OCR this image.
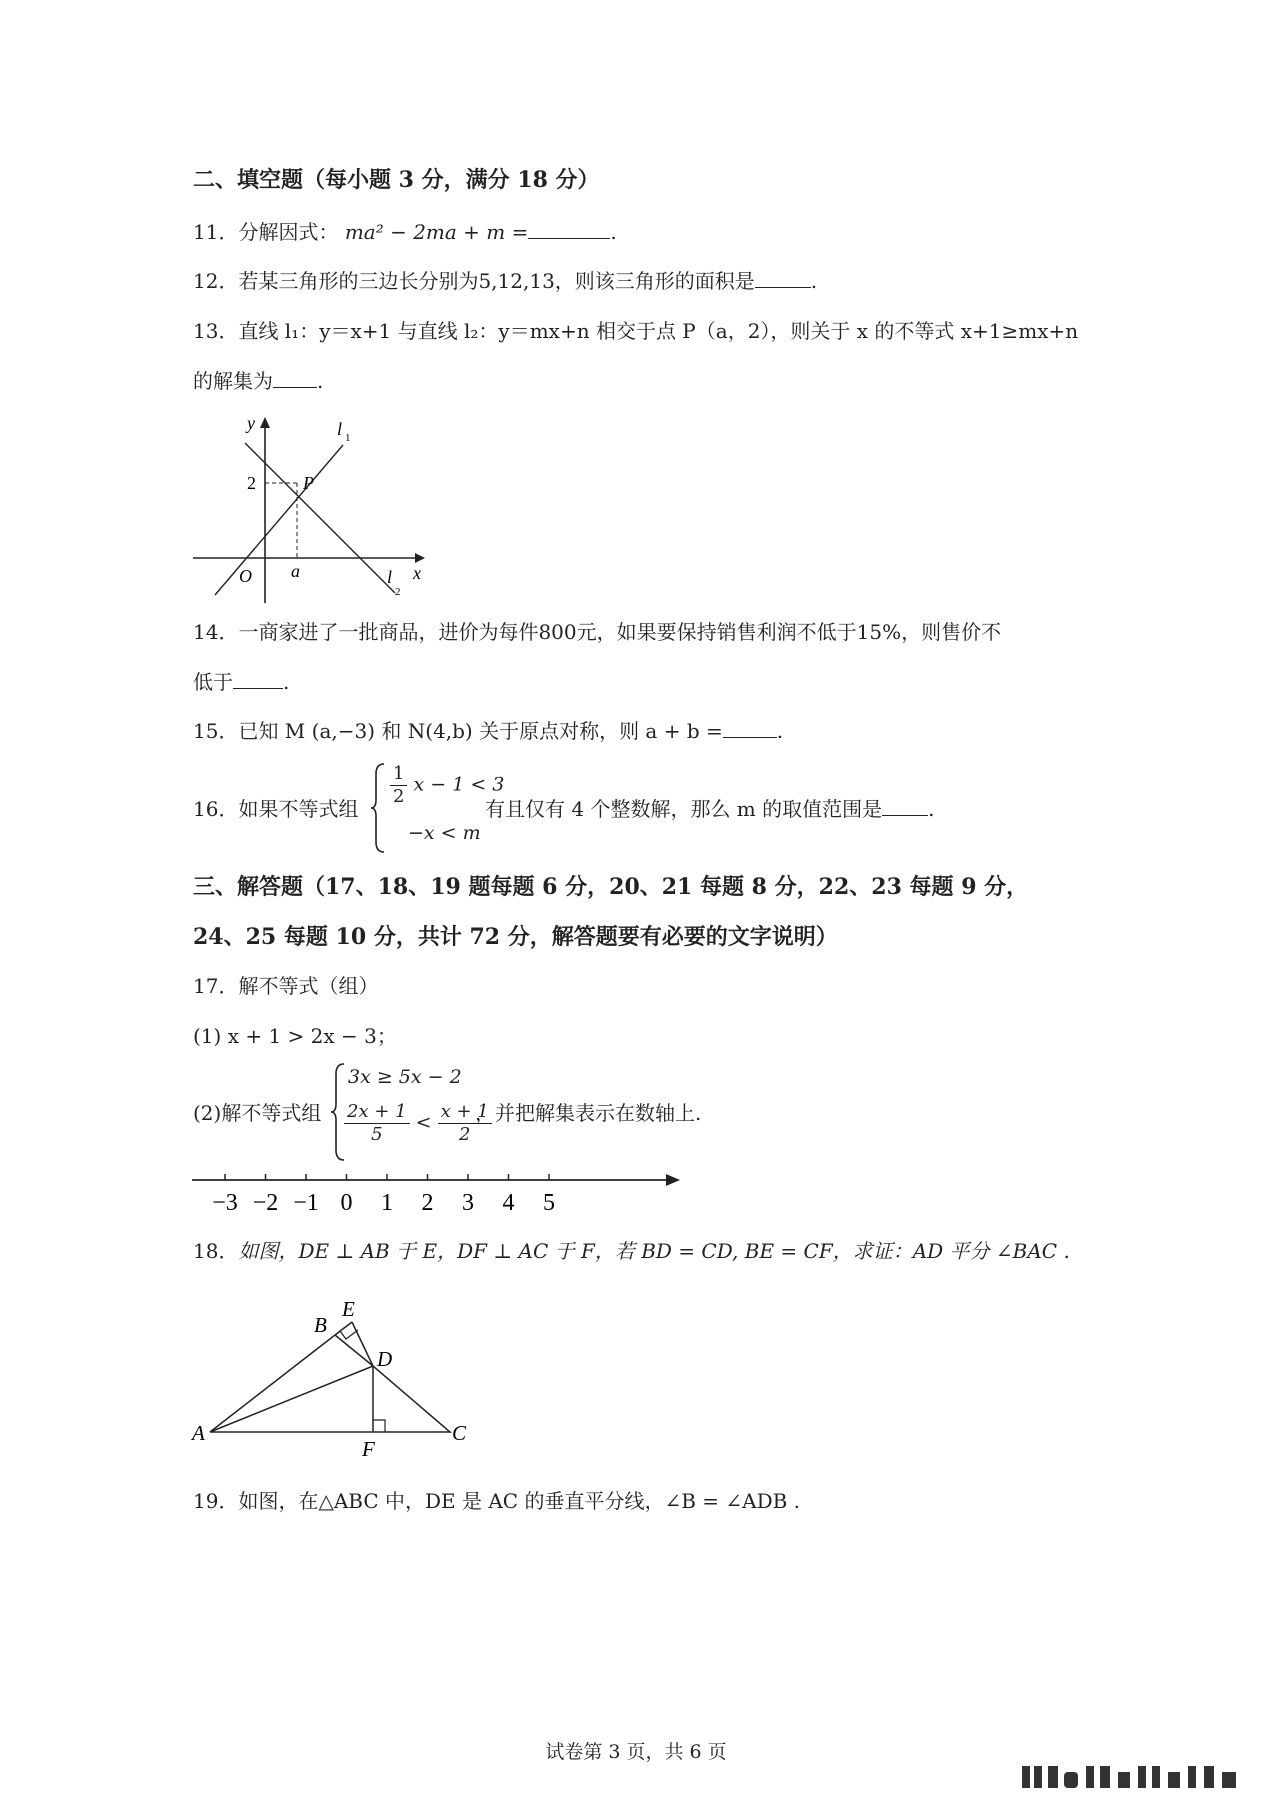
二、填空题（每小题 3 分，满分 18 分）
11．分解因式： ma² − 2ma + m =	.
12．若某三角形的三边长分别为5,12,13，则该三角形的面积是	.
13．直线 l₁：y＝x+1 与直线 l₂：y＝mx+n 相交于点 P（a，2），则关于 x 的不等式 x+1≥mx+n
的解集为 .
y
x
O
2	P
a
l 1
l
2
14．一商家进了一批商品，进价为每件800元，如果要保持销售利润不低于15%，则售价不
低于	.
15．已知 M (a,−3) 和 N(4,b) 关于原点对称，则 a + b =	.
16．如果不等式组
$\frac{1}{2}$ x − 1 < 3
−x < m
有且仅有 4 个整数解，那么 m 的取值范围是 .
三、解答题（17、18、19 题每题 6 分，20、21 每题 8 分，22、23 每题 9 分，
24、25 每题 10 分，共计 72 分，解答题要有必要的文字说明）
17．解不等式（组）
(1) x + 1 > 2x − 3；
(2)解不等式组
3x ≥ 5x − 2
$\frac{2x + 1}{5} < \frac{x + 1}{2}$
，并把解集表示在数轴上.
−3 −2 −1 0 1 2 3 4 5
18．如图，DE ⊥ AB 于 E，DF ⊥ AC 于 F，若 BD = CD, BE = CF，求证：AD 平分 ∠BAC .
A
B
C
D
E
F
19．如图，在△ABC 中，DE 是 AC 的垂直平分线，∠B = ∠ADB .
试卷第 3 页，共 6 页
